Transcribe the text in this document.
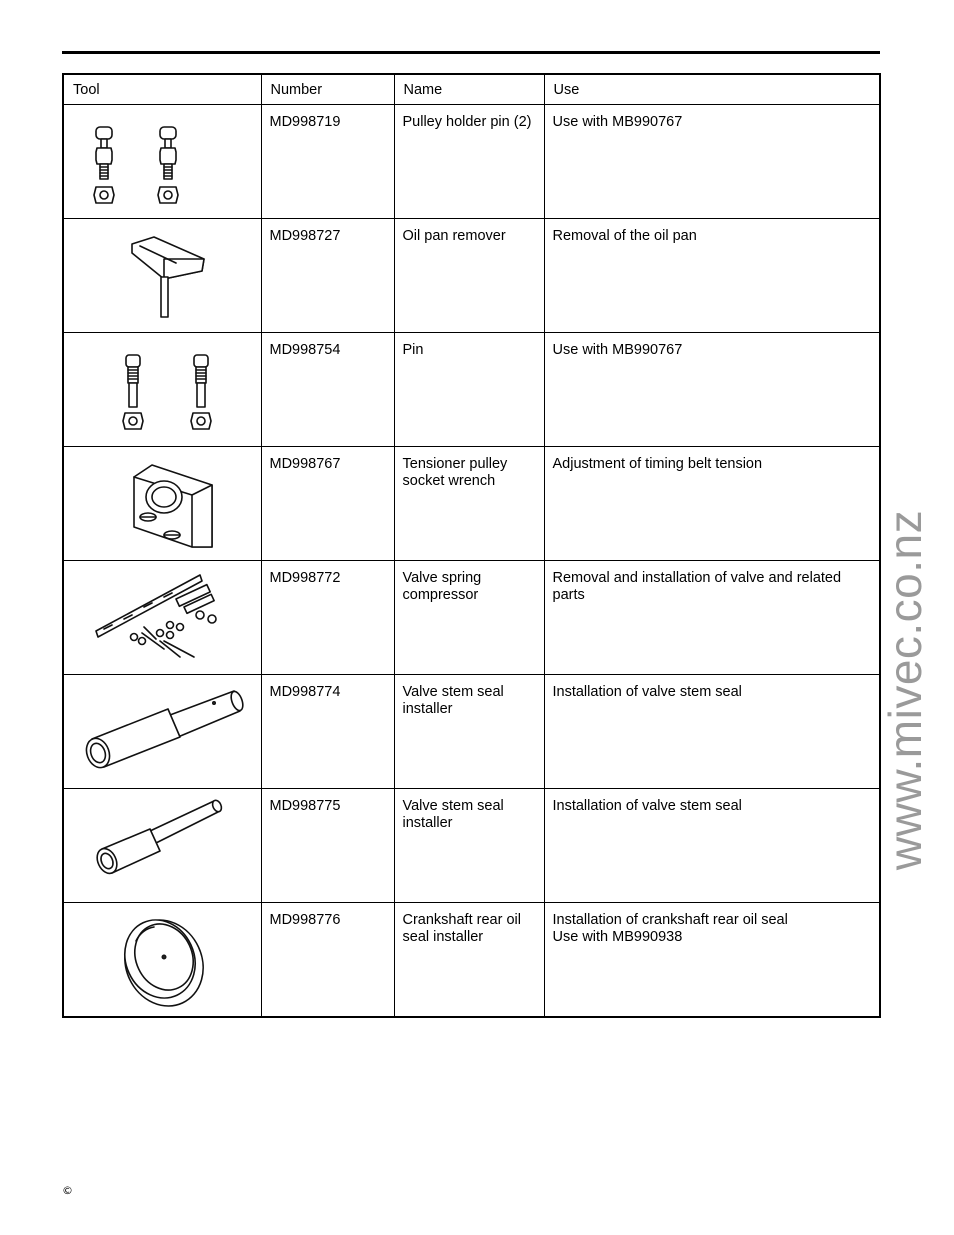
Tool	Number	Name	Use

	MD998719	Pulley holder pin (2)	Use with MB990767

	MD998727	Oil pan remover	Removal of the oil pan

	MD998754	Pin	Use with MB990767

	MD998767	Tensioner pulley socket wrench	Adjustment of timing belt tension

	MD998772	Valve spring compressor	Removal and installation of valve and related parts

	MD998774	Valve stem seal installer	Installation of valve stem seal

	MD998775	Valve stem seal installer	Installation of valve stem seal

	MD998776	Crankshaft rear oil seal installer	Installation of crankshaft rear oil seal
Use with MB990938
www.mivec.co.nz
©
